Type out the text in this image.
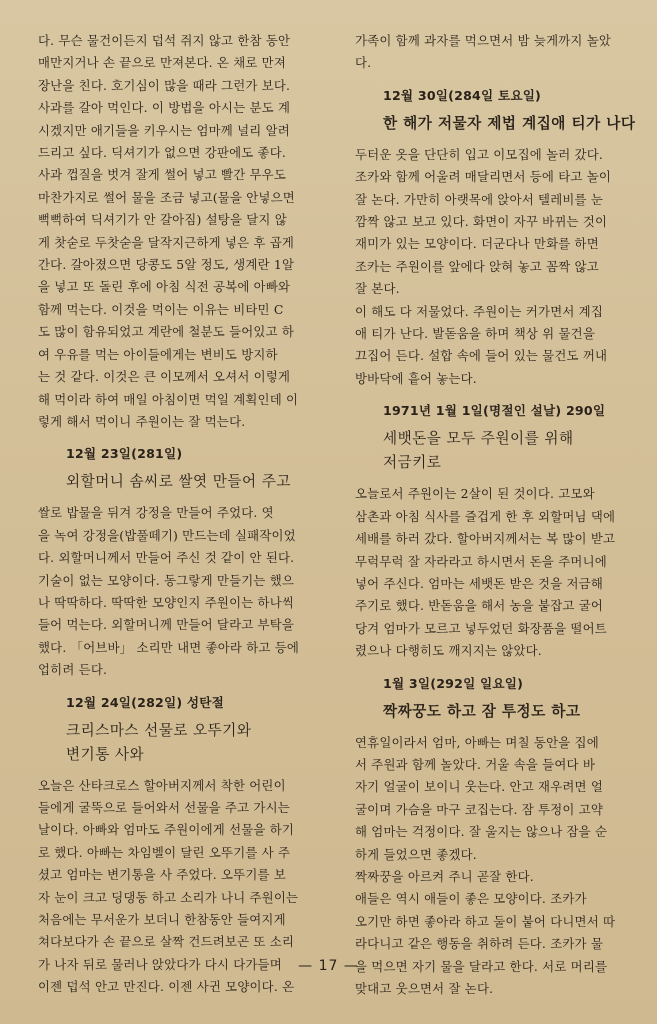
다. 무슨 물건이든지 덥석 쥐지 않고 한참 동안
매만지거나 손 끝으로 만져본다. 온 채로 만져
장난을 친다. 호기심이 많을 때라 그런가 보다.
사과를 갈아 먹인다. 이 방법을 아시는 분도 계
시겠지만 애기들을 키우시는 엄마께 널리 알려
드리고 싶다. 딕셔기가 없으면 강판에도 좋다.
사과 껍질을 벗겨 잘게 썰어 넣고 빨간 무우도
마찬가지로 썰어 물을 조금 넣고(물을 안넣으면
뻑뻑하여 딕셔기가 안 갈아짐) 설탕을 달지 않
게 찻숟로 두찻숟을 달작지근하게 넣은 후 곱게
간다. 갈아졌으면 당콩도 5알 정도, 생계란 1알
을 넣고 또 돌린 후에 아침 식전 공복에 아빠와
함께 먹는다. 이것을 먹이는 이유는 비타민 C
도 많이 함유되었고 계란에 철분도 들어있고 하
여 우유를 먹는 아이들에게는 변비도 방지하
는 것 같다. 이것은 큰 이모께서 오셔서 이렇게
해 먹이라 하여 매일 아침이면 먹일 계획인데 이
렇게 해서 먹이니 주원이는 잘 먹는다.

12월 23일(281일)
외할머니 솜씨로 쌀엿 만들어 주고

쌀로 밥물을 뒤겨 강정을 만들어 주었다. 엿
을 녹여 강정을(밥풀떼기) 만드는데 실패작이었
다. 외할머니께서 만들어 주신 것 같이 안 된다.
기술이 없는 모양이다. 동그랗게 만들기는 했으
나 딱딱하다. 딱딱한 모양인지 주원이는 하나씩
들어 먹는다. 외할머니께 만들어 달라고 부탁을
했다. 「어브바」 소리만 내면 좋아라 하고 등에
업히려 든다.

12월 24일(282일) 성탄절
크리스마스 선물로 오뚜기와
변기통 사와

오늘은 산타크로스 할아버지께서 착한 어린이
들에게 굴뚝으로 들어와서 선물을 주고 가시는
날이다. 아빠와 엄마도 주원이에게 선물을 하기
로 했다. 아빠는 차임벨이 달린 오뚜기를 사 주
셨고 엄마는 변기통을 사 주었다. 오뚜기를 보
자 눈이 크고 딩댕동 하고 소리가 나니 주원이는
처음에는 무서운가 보더니 한참동안 들여지게
쳐다보다가 손 끝으로 살짝 건드려보곤 또 소리
가 나자 뒤로 물러나 앉았다가 다시 다가들며
이젠 덥석 안고 만진다. 이젠 사귄 모양이다. 온

가족이 함께 과자를 먹으면서 밤 늦게까지 놀았
다.

12월 30일(284일 토요일)
한 해가 저물자 제법 계집애 티가 나다

두터운 옷을 단단히 입고 이모집에 놀러 갔다.
조카와 함께 어울려 매달리면서 등에 타고 놀이
잘 논다. 가만히 아랫목에 앉아서 텔레비를 눈
깜짝 않고 보고 있다. 화면이 자꾸 바뀌는 것이
재미가 있는 모양이다. 더군다나 만화를 하면
조카는 주원이를 앞에다 앉혀 놓고 꼼짝 않고
잘 본다.
이 해도 다 저물었다. 주원이는 커가면서 계집
애 티가 난다. 발돋움을 하며 책상 위 물건을
끄집어 든다. 설합 속에 들어 있는 물건도 꺼내
방바닥에 흩어 놓는다.

1971년 1월 1일(명절인 설날) 290일
세뱃돈을 모두 주원이를 위해
저금키로

오늘로서 주원이는 2살이 된 것이다. 고모와
삼촌과 아침 식사를 즐겁게 한 후 외할머님 댁에
세배를 하러 갔다. 할아버지께서는 복 많이 받고
무럭무럭 잘 자라라고 하시면서 돈을 주머니에
넣어 주신다. 엄마는 세뱃돈 받은 것을 저금해
주기로 했다. 반돋움을 해서 농을 붙잡고 굴어
당겨 엄마가 모르고 넣두었던 화장품을 떨어트
렸으나 다행히도 깨지지는 않았다.

1월 3일(292일 일요일)
짝짜꿍도 하고 잠 투정도 하고

연휴일이라서 엄마, 아빠는 며칠 동안을 집에
서 주원과 함께 놀았다. 거울 속을 들여다 바
자기 얼굴이 보이니 웃는다. 안고 재우려면 얼
굴이며 가슴을 마구 코집는다. 잠 투정이 고약
해 엄마는 걱정이다. 잘 울지는 않으나 잠을 순
하게 들었으면 좋겠다.
짝짜꿍을 아르켜 주니 곧잘 한다.
애들은 역시 애들이 좋은 모양이다. 조카가
오기만 하면 좋아라 하고 둘이 붙어 다니면서 따
라다니고 같은 행동을 취하려 든다. 조카가 물
을 먹으면 자기 물을 달라고 한다. 서로 머리를
맞대고 웃으면서 잘 논다.

— 17 —
